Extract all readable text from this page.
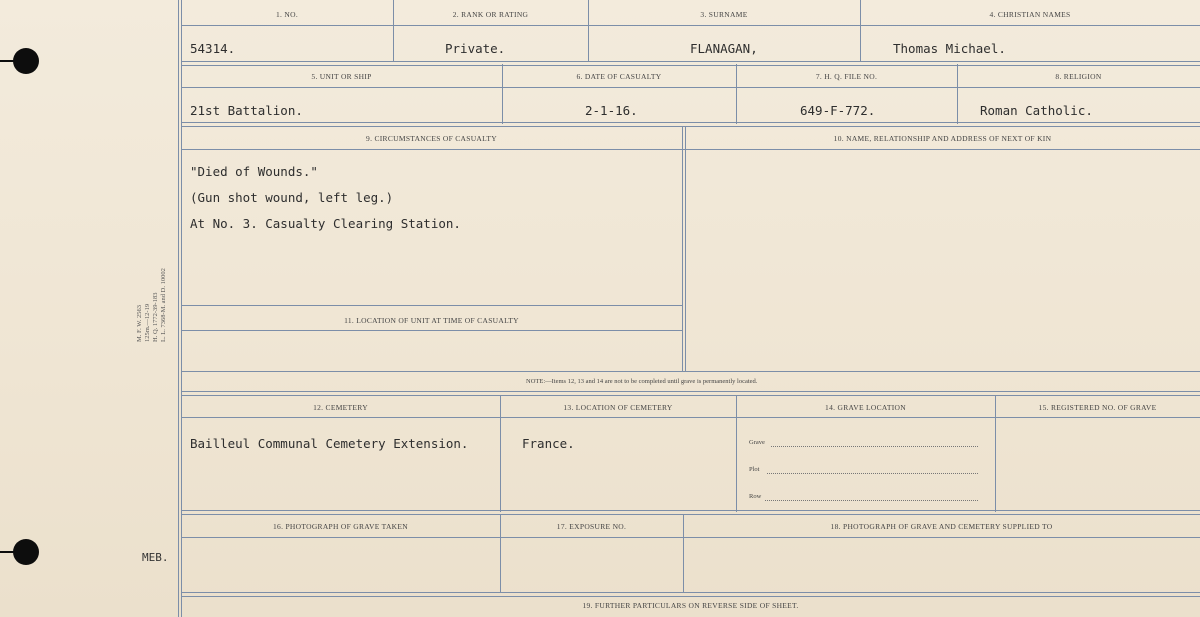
M. F. W. 2563 125m.—12-19 H. Q. 1772-39-183 L. L. 7368-M. and D. 10002
MEB.
1. NO.	2. RANK OR RATING	3. SURNAME	4. CHRISTIAN NAMES
54314.	Private.	FLANAGAN,	Thomas Michael.
5. UNIT OR SHIP	6. DATE OF CASUALTY	7. H. Q. FILE NO.	8. RELIGION
21st Battalion.	2-1-16.	649-F-772.	Roman Catholic.
9. CIRCUMSTANCES OF CASUALTY	10. NAME, RELATIONSHIP AND ADDRESS OF NEXT OF KIN
"Died of Wounds."
(Gun shot wound, left leg.)
At No. 3. Casualty Clearing Station.
11. LOCATION OF UNIT AT TIME OF CASUALTY
NOTE:—Items 12, 13 and 14 are not to be completed until grave is permanently located.
12. CEMETERY	13. LOCATION OF CEMETERY	14. GRAVE LOCATION	15. REGISTERED NO. OF GRAVE
Bailleul Communal Cemetery Extension.	France.	Grave
Plot
Row
16. PHOTOGRAPH OF GRAVE TAKEN	17. EXPOSURE NO.	18. PHOTOGRAPH OF GRAVE AND CEMETERY SUPPLIED TO
19. FURTHER PARTICULARS ON REVERSE SIDE OF SHEET.
